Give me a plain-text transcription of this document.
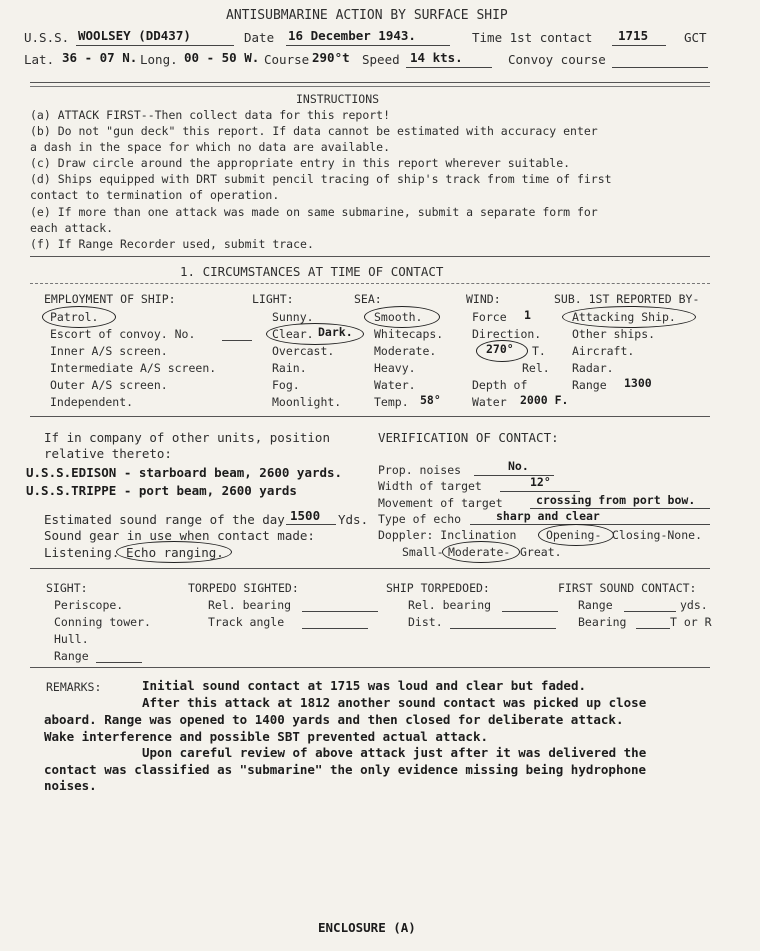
ANTISUBMARINE ACTION BY SURFACE SHIP
U.S.S. WOOLSEY (DD437)	Date 16 December 1943.	Time 1st contact 1715	GCT
Lat. 36 - 07 N. Long. 00 - 50 W. Course 290°t Speed 14 kts.	Convoy course
INSTRUCTIONS
(a) ATTACK FIRST--Then collect data for this report!
(b) Do not "gun deck" this report. If data cannot be estimated with accuracy enter
a dash in the space for which no data are available.
(c) Draw circle around the appropriate entry in this report wherever suitable.
(d) Ships equipped with DRT submit pencil tracing of ship's track from time of first
contact to termination of operation.
(e) If more than one attack was made on same submarine, submit a separate form for
each attack.
(f) If Range Recorder used, submit trace.
1. CIRCUMSTANCES AT TIME OF CONTACT
EMPLOYMENT OF SHIP:
Patrol.
Escort of convoy. No.
Inner A/S screen.
Intermediate A/S screen.
Outer A/S screen.
Independent.
LIGHT:
Sunny.
Clear. Dark.
Overcast.
Rain.
Fog.
Moonlight.
SEA:
Smooth.
Whitecaps.
Moderate.
Heavy.
Water.
Temp. 58°
WIND:
Force 1
Direction.
270° T.
Rel.
Depth of
Water 2000 F.
SUB. 1ST REPORTED BY-
Attacking Ship.
Other ships.
Aircraft.
Radar.
Range 1300
If in company of other units, position
relative thereto:
U.S.S.EDISON - starboard beam, 2600 yards.
U.S.S.TRIPPE - port beam, 2600 yards
Estimated sound range of the day 1500 Yds.
Sound gear in use when contact made:
Listening. Echo ranging.
VERIFICATION OF CONTACT:
Prop. noises	No.
Width of target	12°
Movement of target	crossing from port bow.
Type of echo	sharp and clear
Doppler: Inclination	Opening- Closing-None.
Small- Moderate- Great.
SIGHT:
Periscope.
Conning tower.
Hull.
Range
TORPEDO SIGHTED:
Rel. bearing
Track angle
SHIP TORPEDOED:
Rel. bearing
Dist.
FIRST SOUND CONTACT:
Range	yds.
Bearing	T or R
REMARKS:	Initial sound contact at 1715 was loud and clear but faded.
After this attack at 1812 another sound contact was picked up close
aboard. Range was opened to 1400 yards and then closed for deliberate attack.
Wake interference and possible SBT prevented actual attack.
Upon careful review of above attack just after it was delivered the
contact was classified as "submarine" the only evidence missing being hydrophone
noises.
ENCLOSURE (A)
